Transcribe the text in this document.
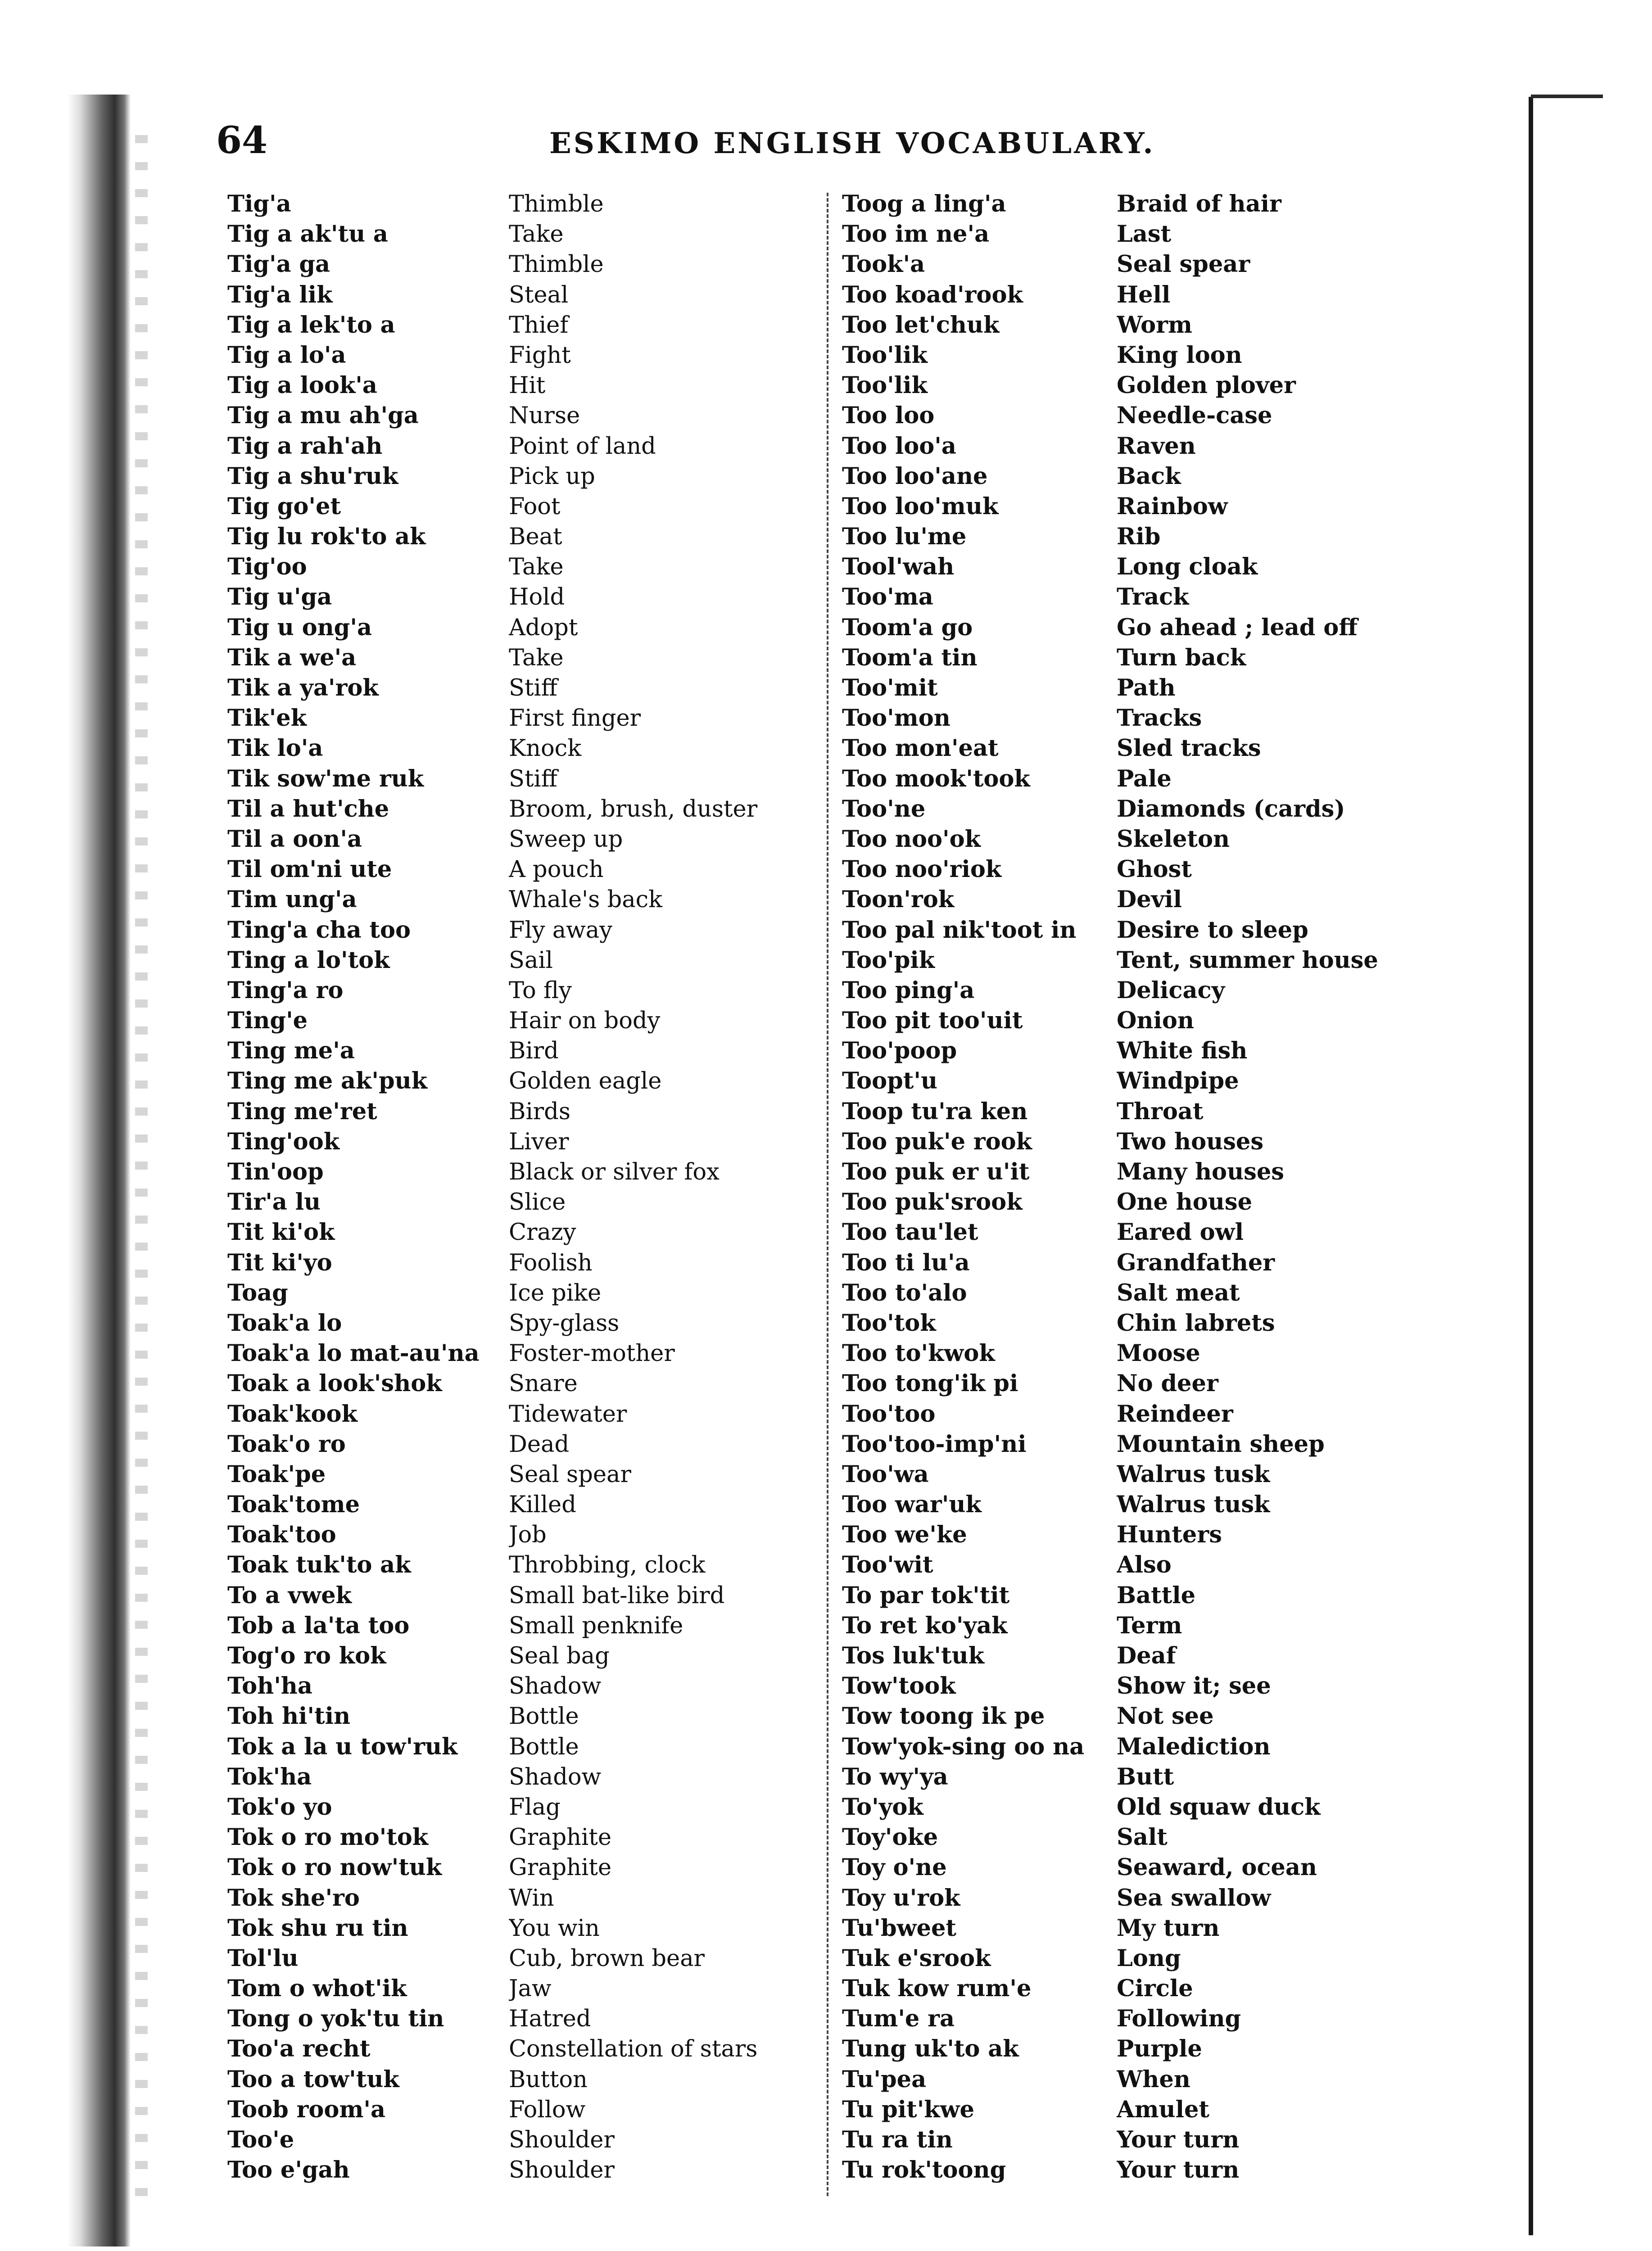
64	ESKIMO ENGLISH VOCABULARY.
Tig'a
Tig a ak'tu a
Tig'a ga
Tig'a lik
Tig a lek'to a
Tig a lo'a
Tig a look'a
Tig a mu ah'ga
Tig a rah'ah
Tig a shu'ruk
Tig go'et
Tig lu rok'to ak
Tig'oo
Tig u'ga
Tig u ong'a
Tik a we'a
Tik a ya'rok
Tik'ek
Tik lo'a
Tik sow'me ruk
Til a hut'che
Til a oon'a
Til om'ni ute
Tim ung'a
Ting'a cha too
Ting a lo'tok
Ting'a ro
Ting'e
Ting me'a
Ting me ak'puk
Ting me'ret
Ting'ook
Tin'oop
Tir'a lu
Tit ki'ok
Tit ki'yo
Toag
Toak'a lo
Toak'a lo mat-au'na
Toak a look'shok
Toak'kook
Toak'o ro
Toak'pe
Toak'tome
Toak'too
Toak tuk'to ak
To a vwek
Tob a la'ta too
Tog'o ro kok
Toh'ha
Toh hi'tin
Tok a la u tow'ruk
Tok'ha
Tok'o yo
Tok o ro mo'tok
Tok o ro now'tuk
Tok she'ro
Tok shu ru tin
Tol'lu
Tom o whot'ik
Tong o yok'tu tin
Too'a recht
Too a tow'tuk
Toob room'a
Too'e
Too e'gah
Thimble
Take
Thimble
Steal
Thief
Fight
Hit
Nurse
Point of land
Pick up
Foot
Beat
Take
Hold
Adopt
Take
Stiff
First finger
Knock
Stiff
Broom, brush, duster
Sweep up
A pouch
Whale's back
Fly away
Sail
To fly
Hair on body
Bird
Golden eagle
Birds
Liver
Black or silver fox
Slice
Crazy
Foolish
Ice pike
Spy-glass
Foster-mother
Snare
Tidewater
Dead
Seal spear
Killed
Job
Throbbing, clock
Small bat-like bird
Small penknife
Seal bag
Shadow
Bottle
Bottle
Shadow
Flag
Graphite
Graphite
Win
You win
Cub, brown bear
Jaw
Hatred
Constellation of stars
Button
Follow
Shoulder
Shoulder
Toog a ling'a
Too im ne'a
Took'a
Too koad'rook
Too let'chuk
Too'lik
Too'lik
Too loo
Too loo'a
Too loo'ane
Too loo'muk
Too lu'me
Tool'wah
Too'ma
Toom'a go
Toom'a tin
Too'mit
Too'mon
Too mon'eat
Too mook'took
Too'ne
Too noo'ok
Too noo'riok
Toon'rok
Too pal nik'toot in
Too'pik
Too ping'a
Too pit too'uit
Too'poop
Toopt'u
Toop tu'ra ken
Too puk'e rook
Too puk er u'it
Too puk'srook
Too tau'let
Too ti lu'a
Too to'alo
Too'tok
Too to'kwok
Too tong'ik pi
Too'too
Too'too-imp'ni
Too'wa
Too war'uk
Too we'ke
Too'wit
To par tok'tit
To ret ko'yak
Tos luk'tuk
Tow'took
Tow toong ik pe
Tow'yok-sing oo na
To wy'ya
To'yok
Toy'oke
Toy o'ne
Toy u'rok
Tu'bweet
Tuk e'srook
Tuk kow rum'e
Tum'e ra
Tung uk'to ak
Tu'pea
Tu pit'kwe
Tu ra tin
Tu rok'toong
Braid of hair
Last
Seal spear
Hell
Worm
King loon
Golden plover
Needle-case
Raven
Back
Rainbow
Rib
Long cloak
Track
Go ahead ; lead off
Turn back
Path
Tracks
Sled tracks
Pale
Diamonds (cards)
Skeleton
Ghost
Devil
Desire to sleep
Tent, summer house
Delicacy
Onion
White fish
Windpipe
Throat
Two houses
Many houses
One house
Eared owl
Grandfather
Salt meat
Chin labrets
Moose
No deer
Reindeer
Mountain sheep
Walrus tusk
Walrus tusk
Hunters
Also
Battle
Term
Deaf
Show it; see
Not see
Malediction
Butt
Old squaw duck
Salt
Seaward, ocean
Sea swallow
My turn
Long
Circle
Following
Purple
When
Amulet
Your turn
Your turn
